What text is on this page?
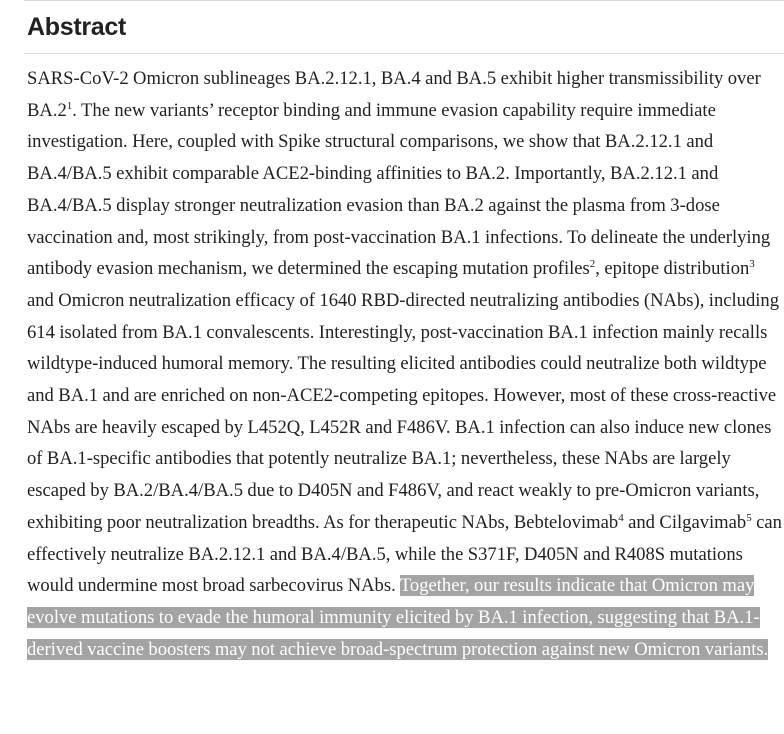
Abstract

SARS-CoV-2 Omicron sublineages BA.2.12.1, BA.4 and BA.5 exhibit higher transmissibility over $BA.2^1$. The new variants’ receptor binding and immune evasion capability require immediate investigation. Here, coupled with Spike structural comparisons, we show that BA.2.12.1 and BA.4/BA.5 exhibit comparable ACE2-binding affinities to BA.2. Importantly, BA.2.12.1 and BA.4/BA.5 display stronger neutralization evasion than BA.2 against the plasma from 3-dose vaccination and, most strikingly, from post-vaccination BA.1 infections. To delineate the underlying antibody evasion mechanism, we determined the escaping mutation profiles$^2$, epitope distribution$^3$ and Omicron neutralization efficacy of 1640 RBD-directed neutralizing antibodies (NAbs), including 614 isolated from BA.1 convalescents. Interestingly, post-vaccination BA.1 infection mainly recalls wildtype-induced humoral memory. The resulting elicited antibodies could neutralize both wildtype and BA.1 and are enriched on non-ACE2-competing epitopes. However, most of these cross-reactive NAbs are heavily escaped by L452Q, L452R and F486V. BA.1 infection can also induce new clones of BA.1-specific antibodies that potently neutralize BA.1; nevertheless, these NAbs are largely escaped by BA.2/BA.4/BA.5 due to D405N and F486V, and react weakly to pre-Omicron variants, exhibiting poor neutralization breadths. As for therapeutic NAbs, Bebtelovimab$^4$ and Cilgavimab$^5$ can effectively neutralize BA.2.12.1 and BA.4/BA.5, while the S371F, D405N and R408S mutations would undermine most broad sarbecovirus NAbs. Together, our results indicate that Omicron may evolve mutations to evade the humoral immunity elicited by BA.1 infection, suggesting that BA.1-derived vaccine boosters may not achieve broad-spectrum protection against new Omicron variants.
